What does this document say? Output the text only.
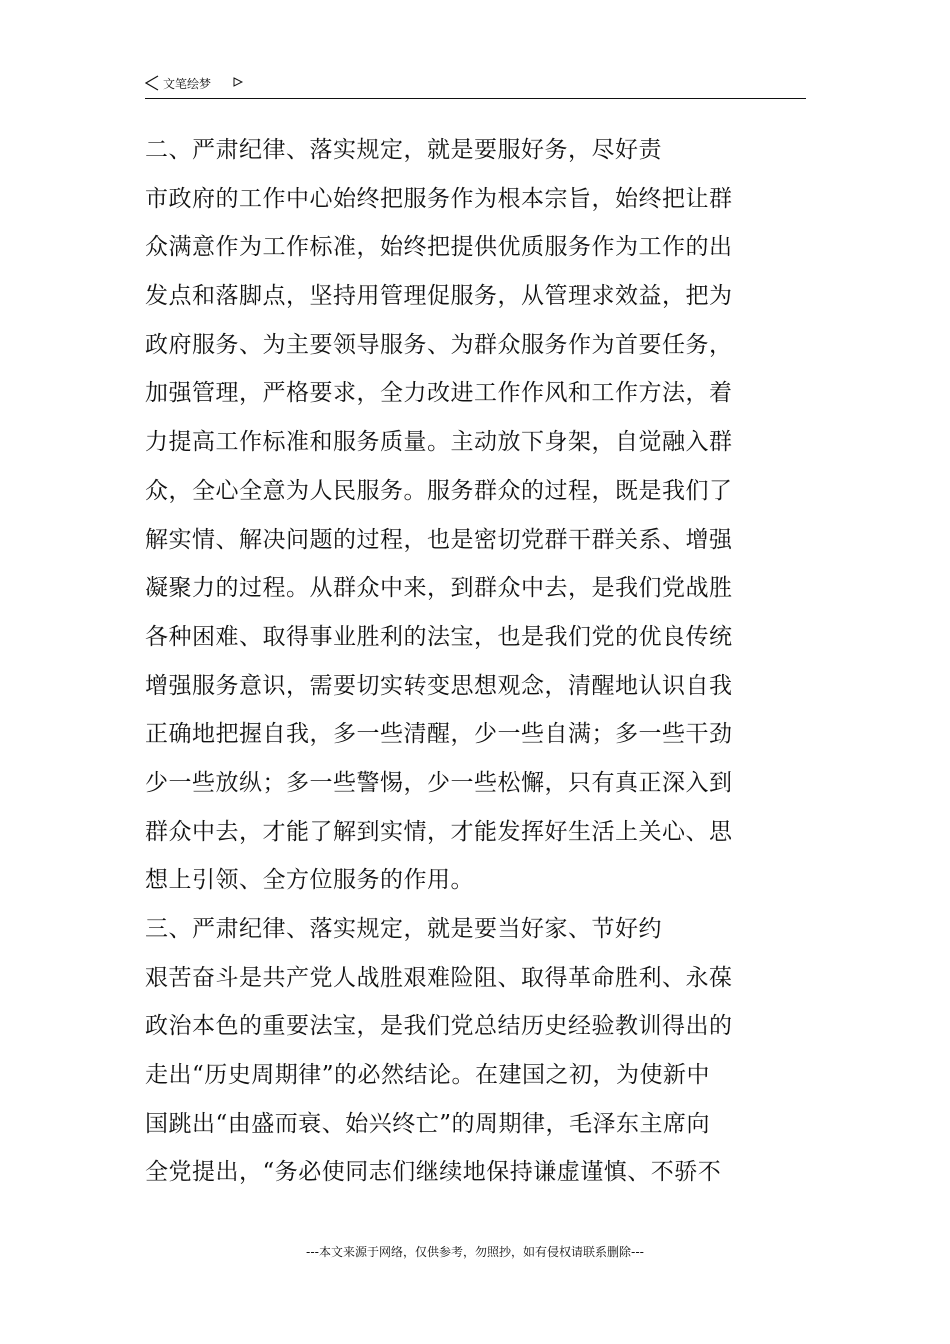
文笔绘梦
二、严肃纪律、落实规定，就是要服好务，尽好责
市政府的工作中心始终把服务作为根本宗旨，始终把让群
众满意作为工作标准，始终把提供优质服务作为工作的出
发点和落脚点，坚持用管理促服务，从管理求效益，把为
政府服务、为主要领导服务、为群众服务作为首要任务，
加强管理，严格要求，全力改进工作作风和工作方法，着
力提高工作标准和服务质量。主动放下身架，自觉融入群
众，全心全意为人民服务。服务群众的过程，既是我们了
解实情、解决问题的过程，也是密切党群干群关系、增强
凝聚力的过程。从群众中来，到群众中去，是我们党战胜
各种困难、取得事业胜利的法宝，也是我们党的优良传统
增强服务意识，需要切实转变思想观念，清醒地认识自我
正确地把握自我，多一些清醒，少一些自满；多一些干劲
少一些放纵；多一些警惕，少一些松懈，只有真正深入到
群众中去，才能了解到实情，才能发挥好生活上关心、思
想上引领、全方位服务的作用。
三、严肃纪律、落实规定，就是要当好家、节好约
艰苦奋斗是共产党人战胜艰难险阻、取得革命胜利、永葆
政治本色的重要法宝，是我们党总结历史经验教训得出的
走出“历史周期律”的必然结论。在建国之初，为使新中
国跳出“由盛而衰、始兴终亡”的周期律，毛泽东主席向
全党提出，“务必使同志们继续地保持谦虚谨慎、不骄不
---本文来源于网络，仅供参考，勿照抄，如有侵权请联系删除---
